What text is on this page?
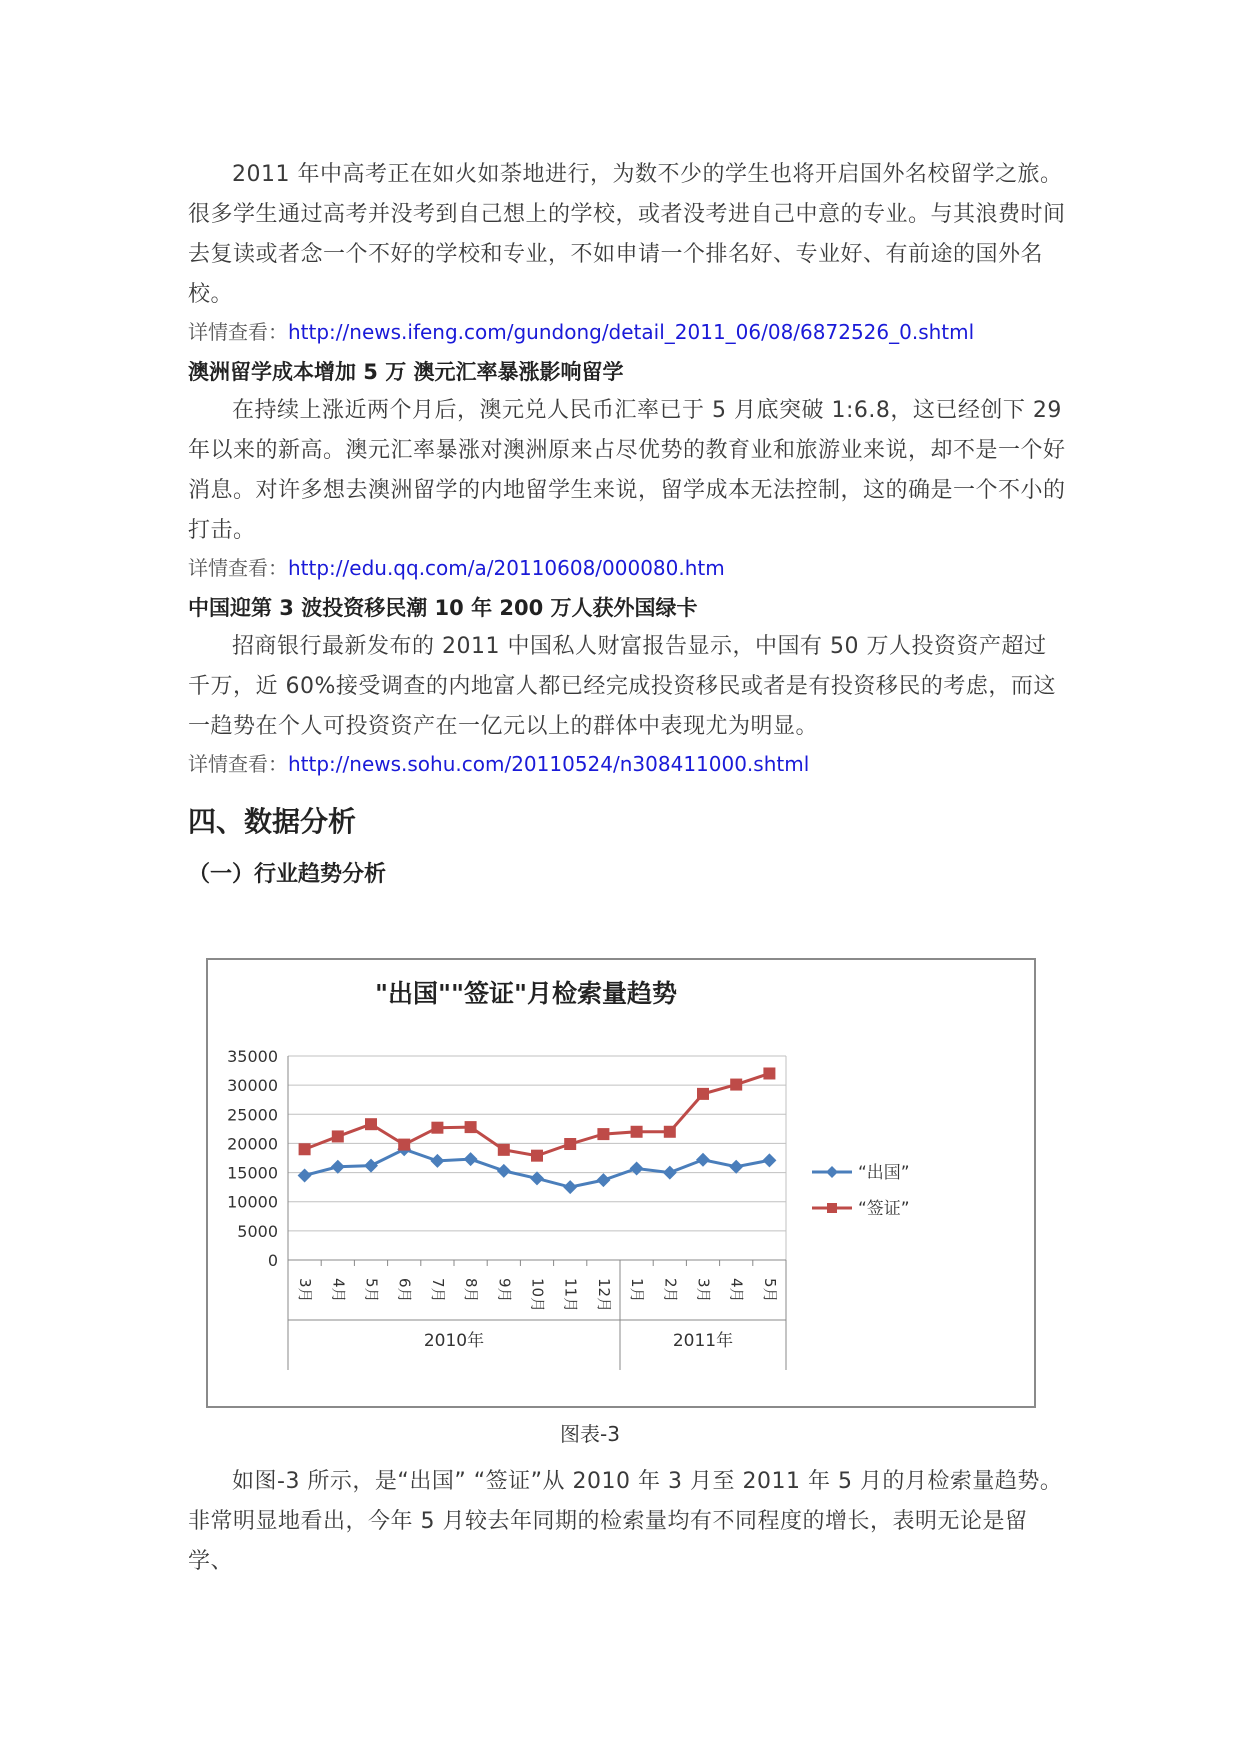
2011 年中高考正在如火如荼地进行，为数不少的学生也将开启国外名校留学之旅。很多学生通过高考并没考到自己想上的学校，或者没考进自己中意的专业。与其浪费时间去复读或者念一个不好的学校和专业，不如申请一个排名好、专业好、有前途的国外名校。

详情查看：http://news.ifeng.com/gundong/detail_2011_06/08/6872526_0.shtml

澳洲留学成本增加 5 万 澳元汇率暴涨影响留学

在持续上涨近两个月后，澳元兑人民币汇率已于 5 月底突破 1:6.8，这已经创下 29 年以来的新高。澳元汇率暴涨对澳洲原来占尽优势的教育业和旅游业来说，却不是一个好消息。对许多想去澳洲留学的内地留学生来说，留学成本无法控制，这的确是一个不小的打击。

详情查看：http://edu.qq.com/a/20110608/000080.htm

中国迎第 3 波投资移民潮 10 年 200 万人获外国绿卡

招商银行最新发布的 2011 中国私人财富报告显示，中国有 50 万人投资资产超过千万，近 60%接受调查的内地富人都已经完成投资移民或者是有投资移民的考虑，而这一趋势在个人可投资资产在一亿元以上的群体中表现尤为明显。

详情查看：http://news.sohu.com/20110524/n308411000.shtml

四、数据分析

（一）行业趋势分析

"出国""签证"月检索量趋势
0
5000
10000
15000
20000
25000
30000
35000
3月 4月 5月 6月 7月 8月 9月 10月 11月 12月 1月 2月 3月 4月 5月
2010年	2011年
“出国”
“签证”
图表-3

如图-3 所示，是“出国” “签证”从 2010 年 3 月至 2011 年 5 月的月检索量趋势。非常明显地看出，今年 5 月较去年同期的检索量均有不同程度的增长，表明无论是留学、
